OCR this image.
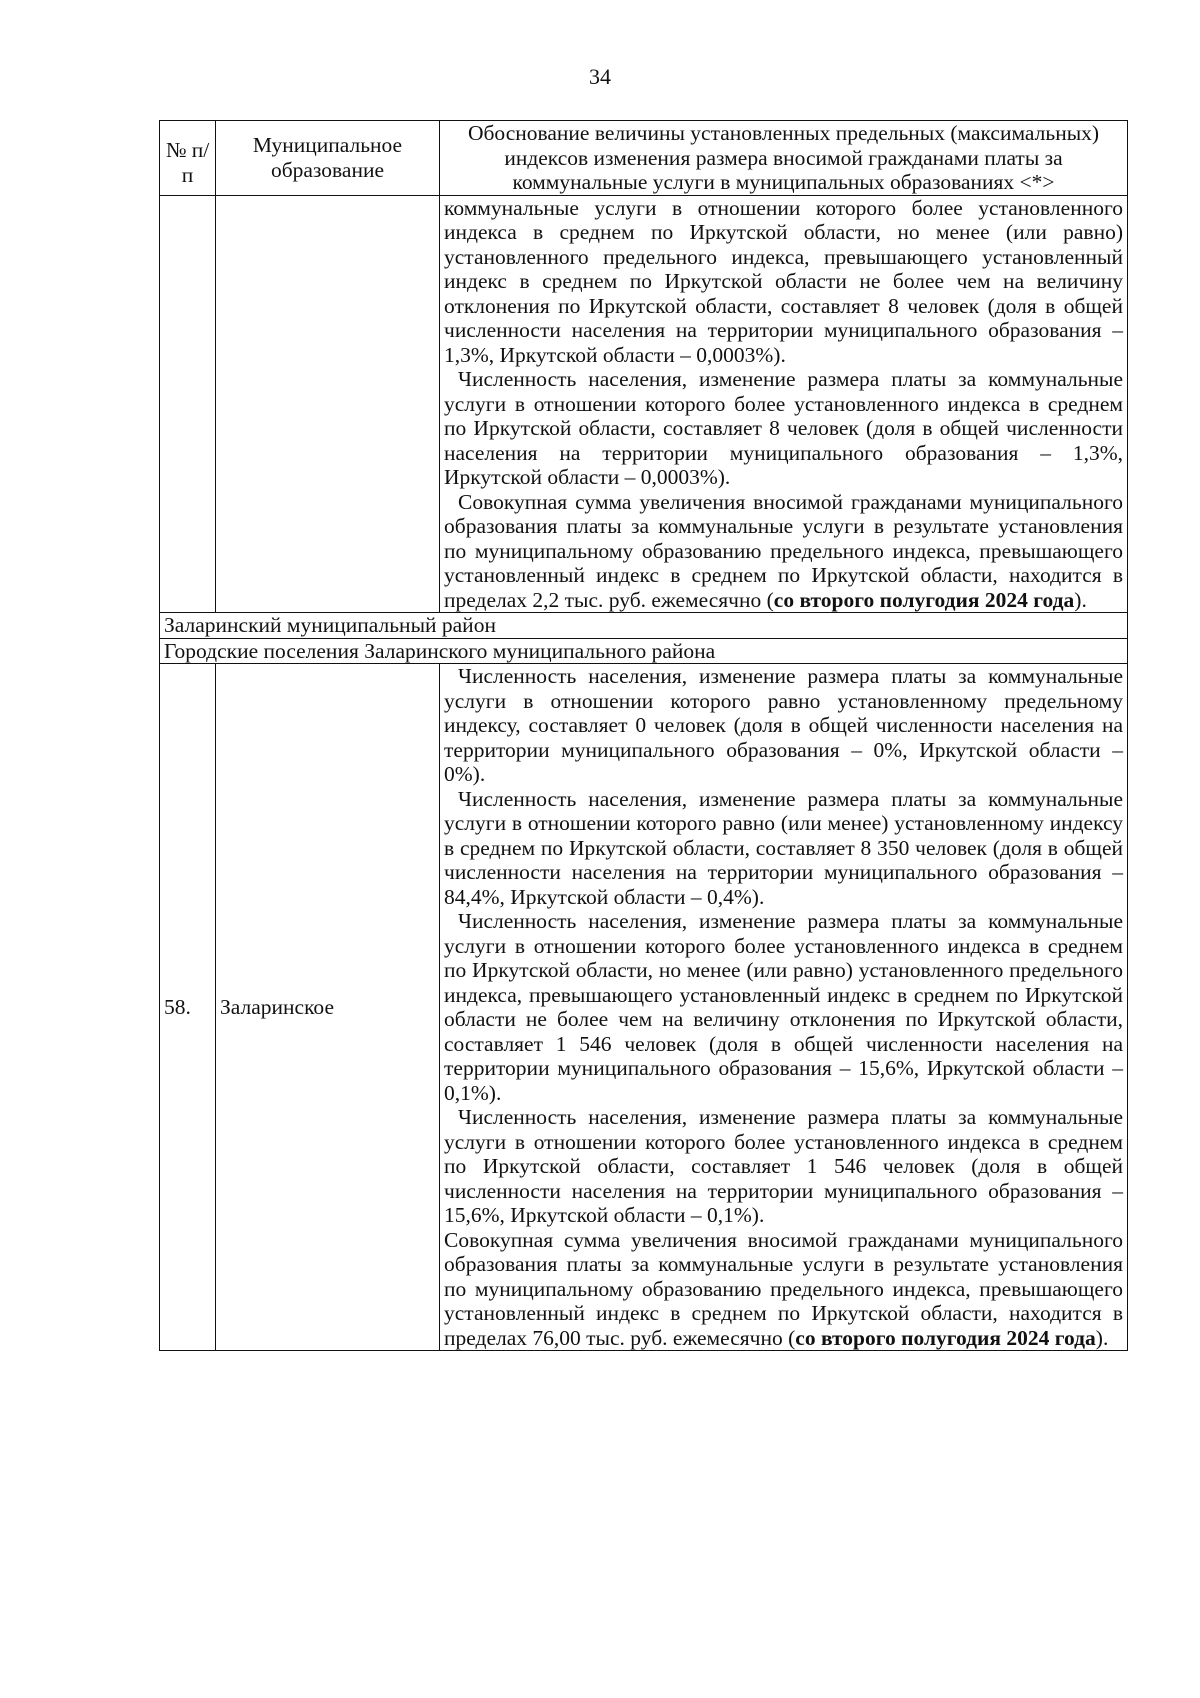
34
№ п/п	Муниципальное образование	Обоснование величины установленных предельных (максимальных) индексов изменения размера вносимой гражданами платы за коммунальные услуги в муниципальных образованиях <*>

		коммунальные услуги в отношении которого более установленного индекса в среднем по Иркутской области, но менее (или равно) установленного предельного индекса, превышающего установленный индекс в среднем по Иркутской области не более чем на величину отклонения по Иркутской области, составляет 8 человек (доля в общей численности населения на территории муниципального образования – 1,3%, Иркутской области – 0,0003%).

Численность населения, изменение размера платы за коммунальные услуги в отношении которого более установленного индекса в среднем по Иркутской области, составляет 8 человек (доля в общей численности населения на территории муниципального образования – 1,3%, Иркутской области – 0,0003%).

Совокупная сумма увеличения вносимой гражданами муниципального образования платы за коммунальные услуги в результате установления по муниципальному образованию предельного индекса, превышающего установленный индекс в среднем по Иркутской области, находится в пределах 2,2 тыс. руб. ежемесячно (со второго полугодия 2024 года).

Заларинский муниципальный район		
Городские поселения Заларинского муниципального района		
58.	Заларинское	Численность населения, изменение размера платы за коммунальные услуги в отношении которого равно установленному предельному индексу, составляет 0 человек (доля в общей численности населения на территории муниципального образования – 0%, Иркутской области – 0%).

Численность населения, изменение размера платы за коммунальные услуги в отношении которого равно (или менее) установленному индексу в среднем по Иркутской области, составляет 8 350 человек (доля в общей численности населения на территории муниципального образования – 84,4%, Иркутской области – 0,4%).

Численность населения, изменение размера платы за коммунальные услуги в отношении которого более установленного индекса в среднем по Иркутской области, но менее (или равно) установленного предельного индекса, превышающего установленный индекс в среднем по Иркутской области не более чем на величину отклонения по Иркутской области, составляет 1 546 человек (доля в общей численности населения на территории муниципального образования – 15,6%, Иркутской области – 0,1%).

Численность населения, изменение размера платы за коммунальные услуги в отношении которого более установленного индекса в среднем по Иркутской области, составляет 1 546 человек (доля в общей численности населения на территории муниципального образования – 15,6%, Иркутской области – 0,1%).

Совокупная сумма увеличения вносимой гражданами муниципального образования платы за коммунальные услуги в результате установления по муниципальному образованию предельного индекса, превышающего установленный индекс в среднем по Иркутской области, находится в пределах 76,00 тыс. руб. ежемесячно (со второго полугодия 2024 года).
